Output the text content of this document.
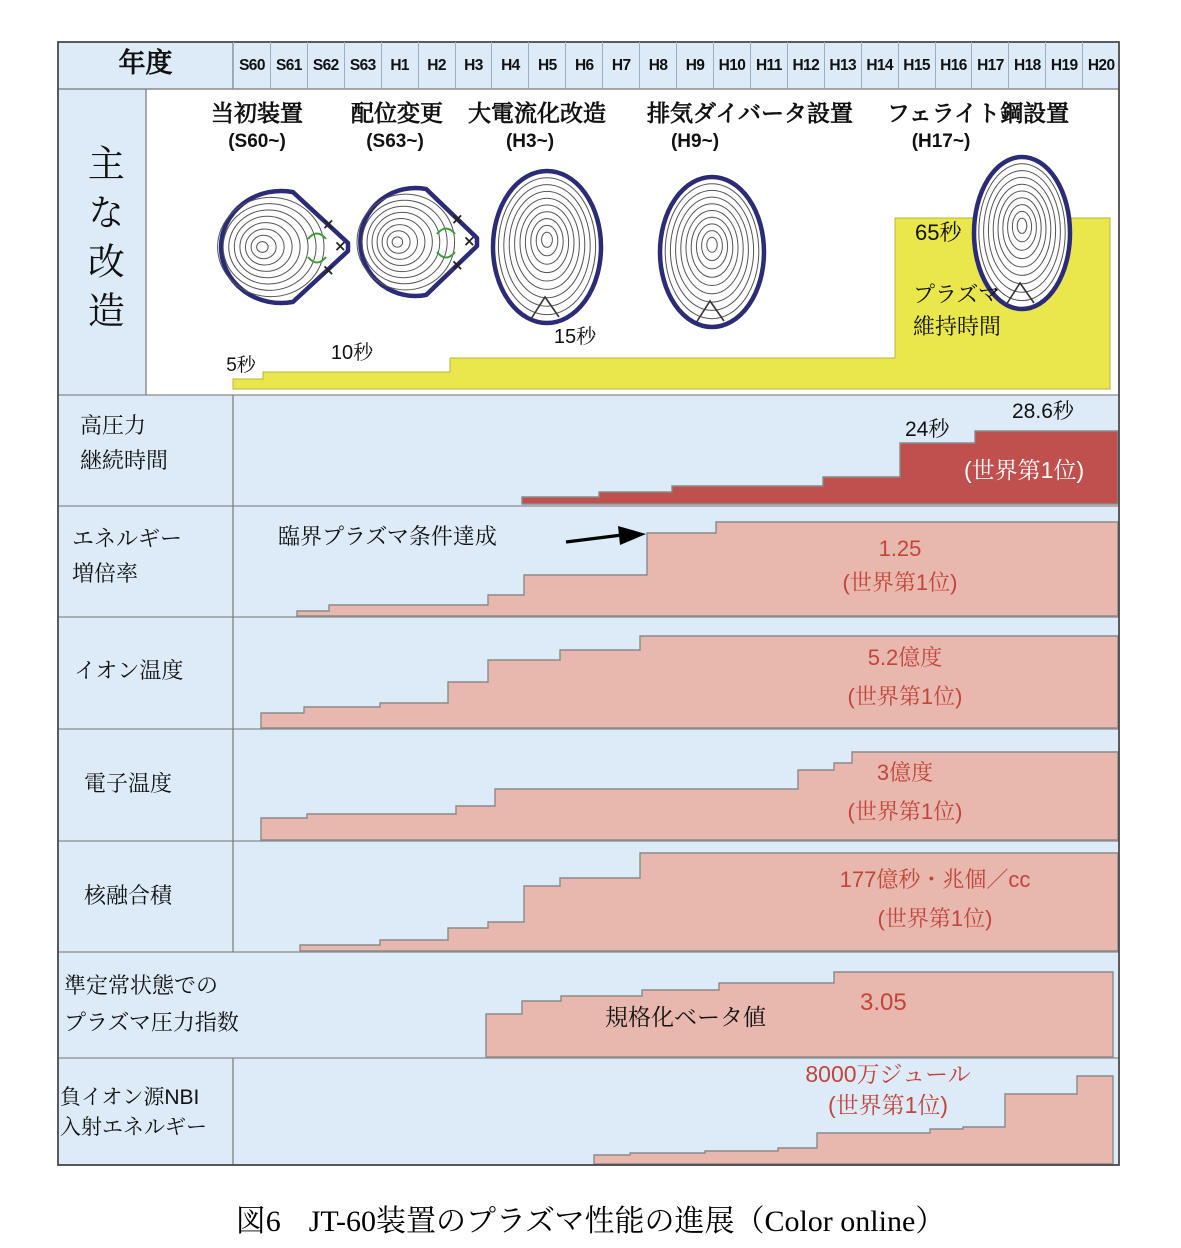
×
×
×
×
×
×
年度	S60 S61 S62 S63 H1	H2	H3	H4	H5	H6	H7	H8	H9 H10 H11 H12 H13 H14 H15 H16 H17 H18 H19 H20
主な改造
当初装置 配位変更 大電流化改造 排気ダイバータ設置 フェライト鋼設置
(S60~)	(S63~)	(H3~)	(H9~)	(H17~)
5秒
10秒
15秒
65秒
プラズマ
維持時間
高圧力
継続時間
24秒
28.6秒
(世界第1位)
エネルギー
増倍率
臨界プラズマ条件達成	1.25
(世界第1位)
イオン温度
5.2億度
(世界第1位)
電子温度	3億度
(世界第1位)
核融合積
177億秒・兆個／cc
(世界第1位)
準定常状態での
プラズマ圧力指数	規格化ベータ値
3.05
負イオン源NBI
入射エネルギー
8000万ジュール
(世界第1位)
図6 JT-60装置のプラズマ性能の進展（Color online）
